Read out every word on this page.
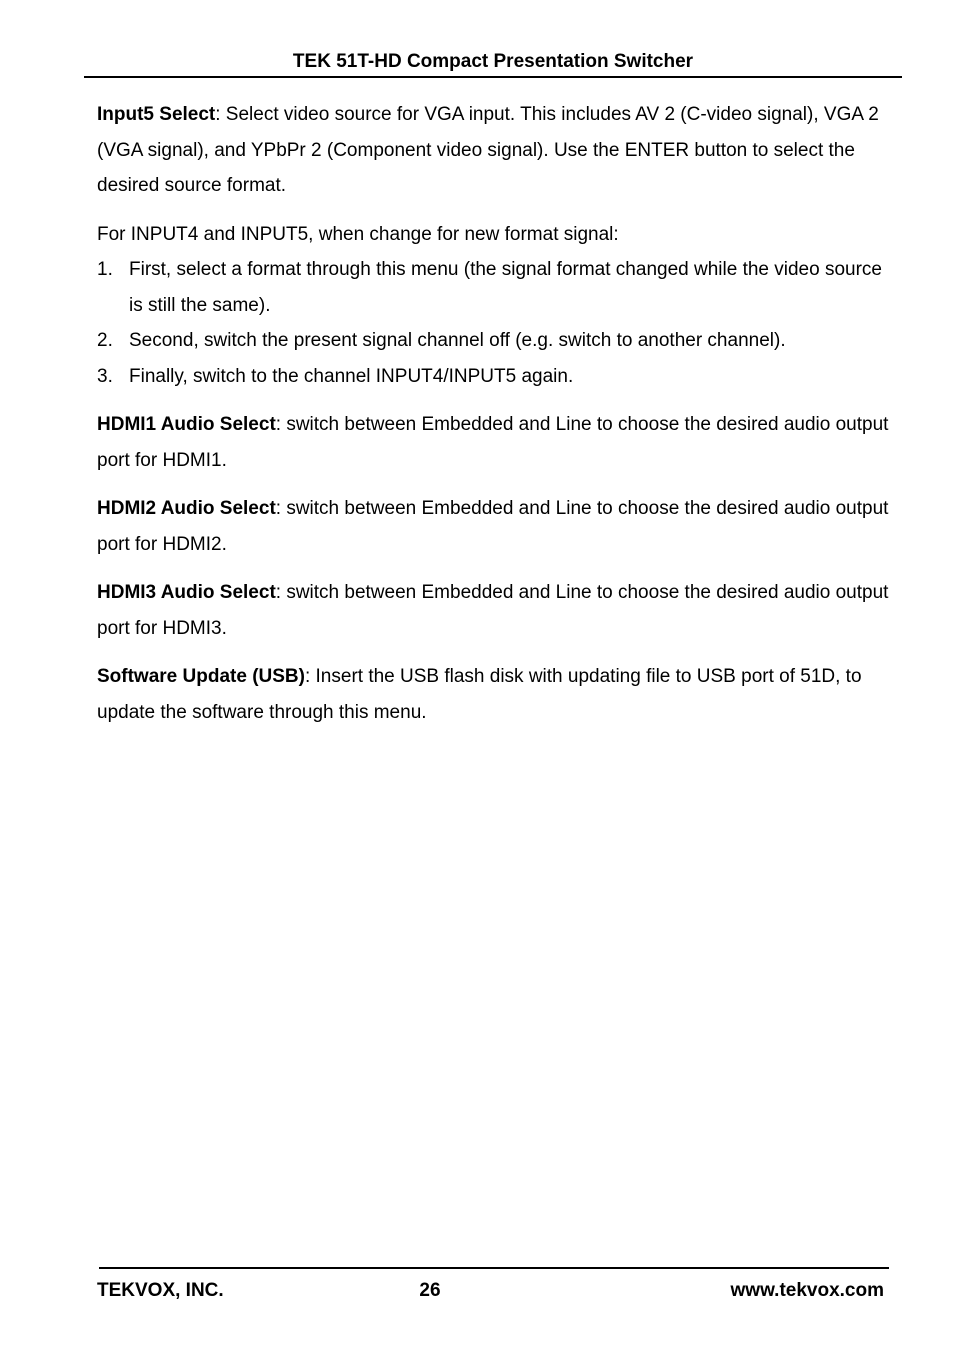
TEK 51T-HD Compact Presentation Switcher

Input5 Select: Select video source for VGA input. This includes AV 2 (C-video signal), VGA 2 (VGA signal), and YPbPr 2 (Component video signal). Use the ENTER button to select the desired source format.

For INPUT4 and INPUT5, when change for new format signal:

1. First, select a format through this menu (the signal format changed while the video source is still the same).
2. Second, switch the present signal channel off (e.g. switch to another channel).
3. Finally, switch to the channel INPUT4/INPUT5 again.

HDMI1 Audio Select: switch between Embedded and Line to choose the desired audio output port for HDMI1.

HDMI2 Audio Select: switch between Embedded and Line to choose the desired audio output port for HDMI2.

HDMI3 Audio Select: switch between Embedded and Line to choose the desired audio output port for HDMI3.

Software Update (USB): Insert the USB flash disk with updating file to USB port of 51D, to update the software through this menu.

TEKVOX, INC.	26	www.tekvox.com
